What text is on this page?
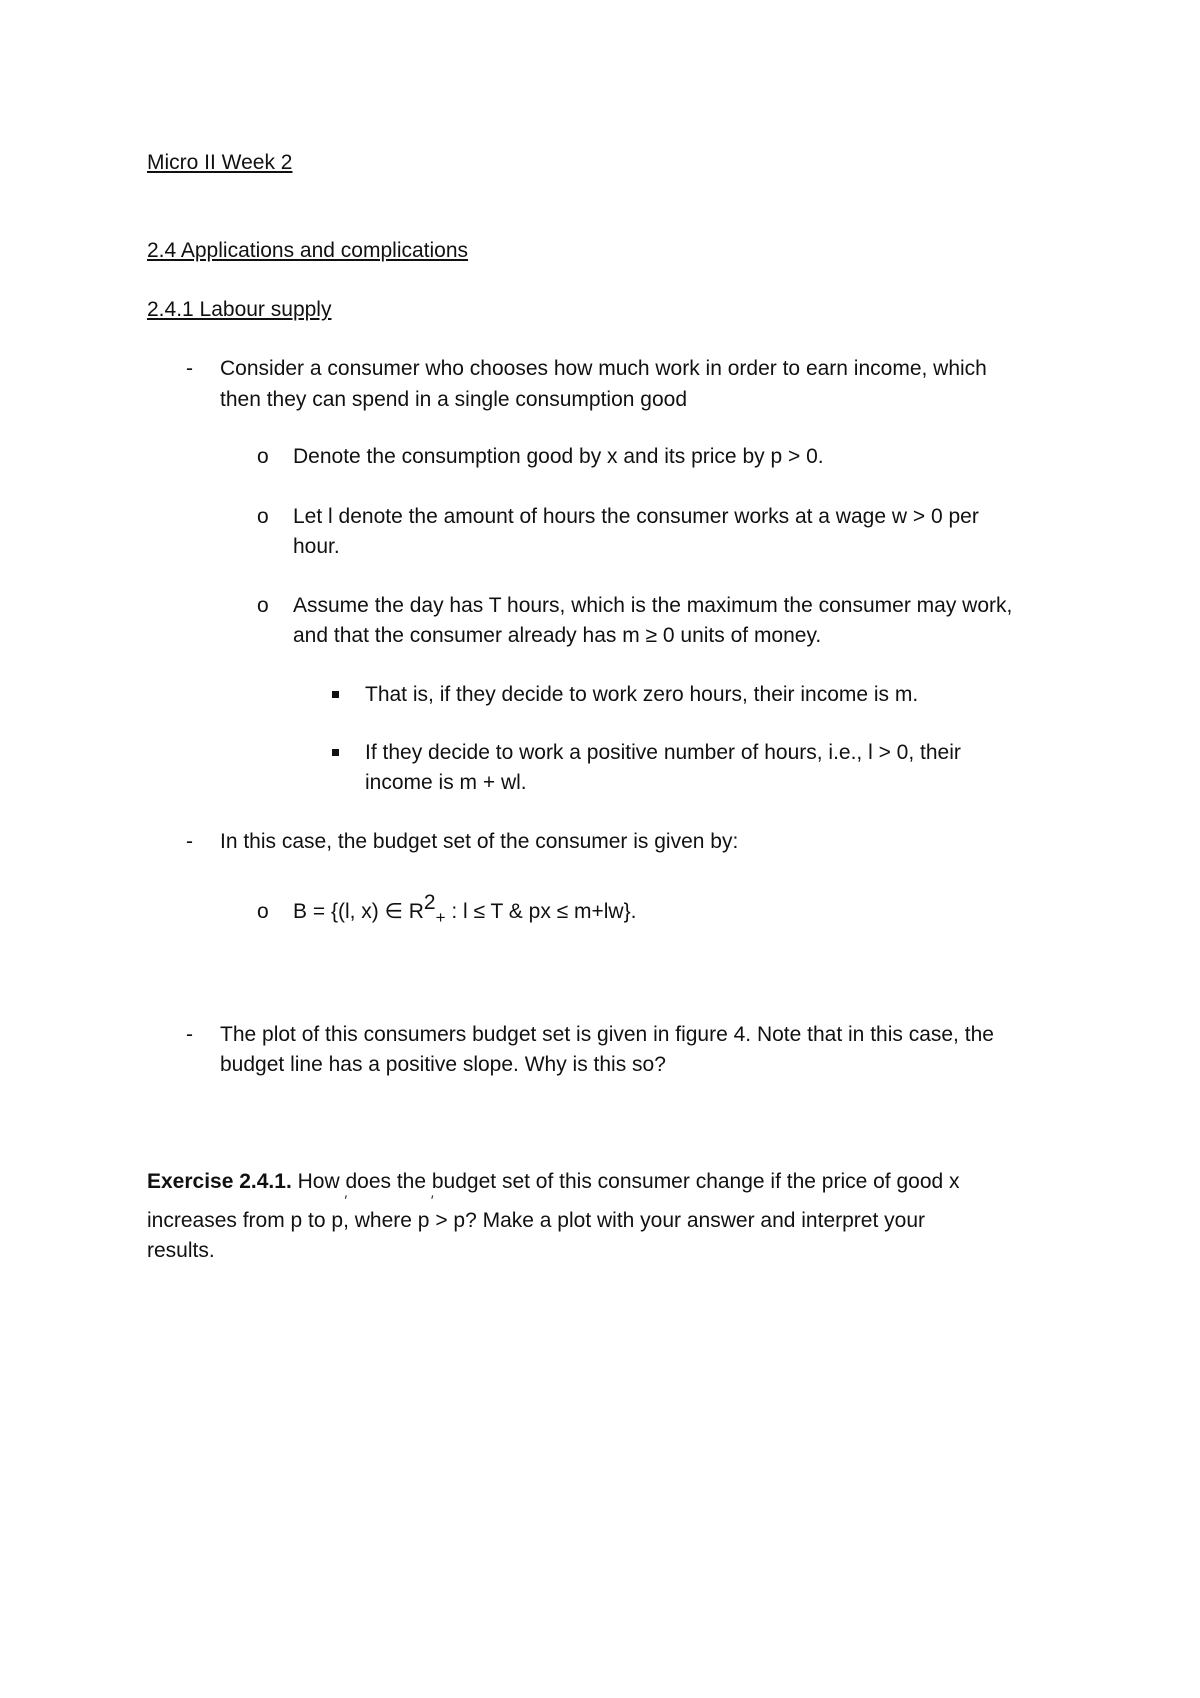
Micro II Week 2
2.4 Applications and complications
2.4.1 Labour supply
- Consider a consumer who chooses how much work in order to earn income, which
then they can spend in a single consumption good
o Denote the consumption good by x and its price by p > 0.
o Let l denote the amount of hours the consumer works at a wage w > 0 per
hour.
o Assume the day has T hours, which is the maximum the consumer may work,
and that the consumer already has m ≥ 0 units of money.
That is, if they decide to work zero hours, their income is m.
If they decide to work a positive number of hours, i.e., l > 0, their
income is m + wl.
- In this case, the budget set of the consumer is given by:
o B = {(l, x) ∈ $R^2_+$ : l ≤ T & px ≤ m+lw}.
- The plot of this consumers budget set is given in figure 4. Note that in this case, the
budget line has a positive slope. Why is this so?
Exercise 2.4.1. How does the budget set of this consumer change if the price of good x
increases from p to p
′
, where p
′
> p? Make a plot with your answer and interpret your
results.
